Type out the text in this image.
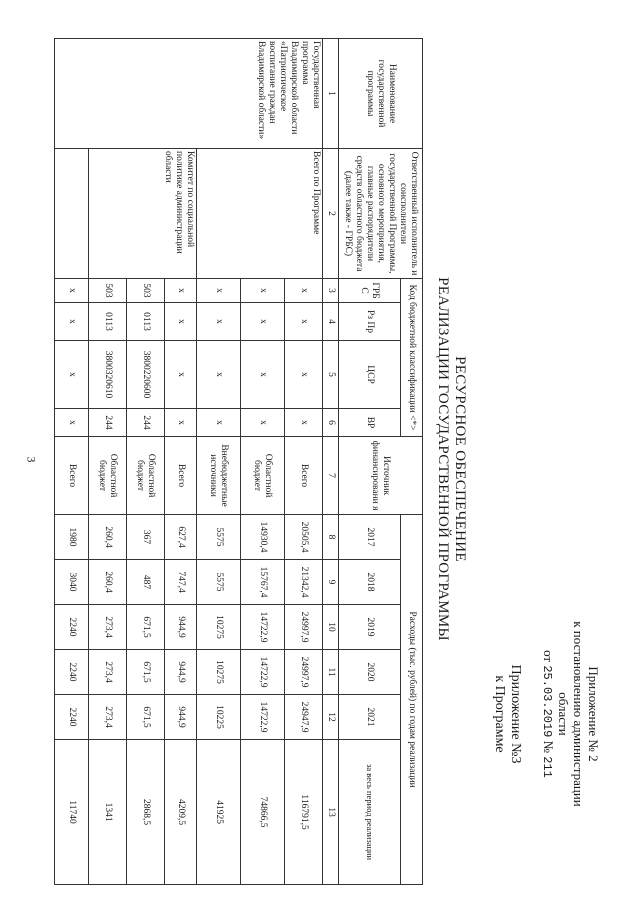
3
Приложение № 2
к постановлению администрации
области
от 25.03.2019 № 211
Приложение №3
к Программе
РЕСУРСНОЕ ОБЕСПЕЧЕНИЕ
РЕАЛИЗАЦИИ ГОСУДАРСТВЕННОЙ ПРОГРАММЫ
Наименование государственной программы	Ответственный исполнитель и соисполнители государственной Программы, основного мероприятия, главные распорядители средств областного бюджета (далее также - ГРБС)	Код бюджетной классификации <*>				Источник финансировани я	Расходы (тыс. рублей) по годам реализации					
		ГРБ С	Рз Пр	ЦСР	ВР		2017	2018	2019	2020	2021	за весь период реализации
1	2	3	4	5	6	7	8	9	10	11	12	13
Государственная программа Владимирской области «Патриотическое воспитание граждан Владимирской области»	Всего по Программе	х	х	х	х	Всего	20505,4	21342,4	24997,9	24997,9	24947,9	116791,5
		х	х	х	х	Областной бюджет	14930,4	15767,4	14722,9	14722,9	14722,9	74866,5
		х	х	х	х	Внебюджетные источники	5575	5575	10275	10275	10225	41925
	Комитет по социальной политике администрации области	х	х	х	х	Всего	627,4	747,4	944,9	944,9	944,9	4209,5
		503	0113	3800220600	244	Областной бюджет	367	487	671,5	671,5	671,5	2868,5
		503	0113	3800320610	244	Областной бюджет	260,4	260,4	273,4	273,4	273,4	1341
		х	х	х	х	Всего	1980	3040	2240	2240	2240	11740
